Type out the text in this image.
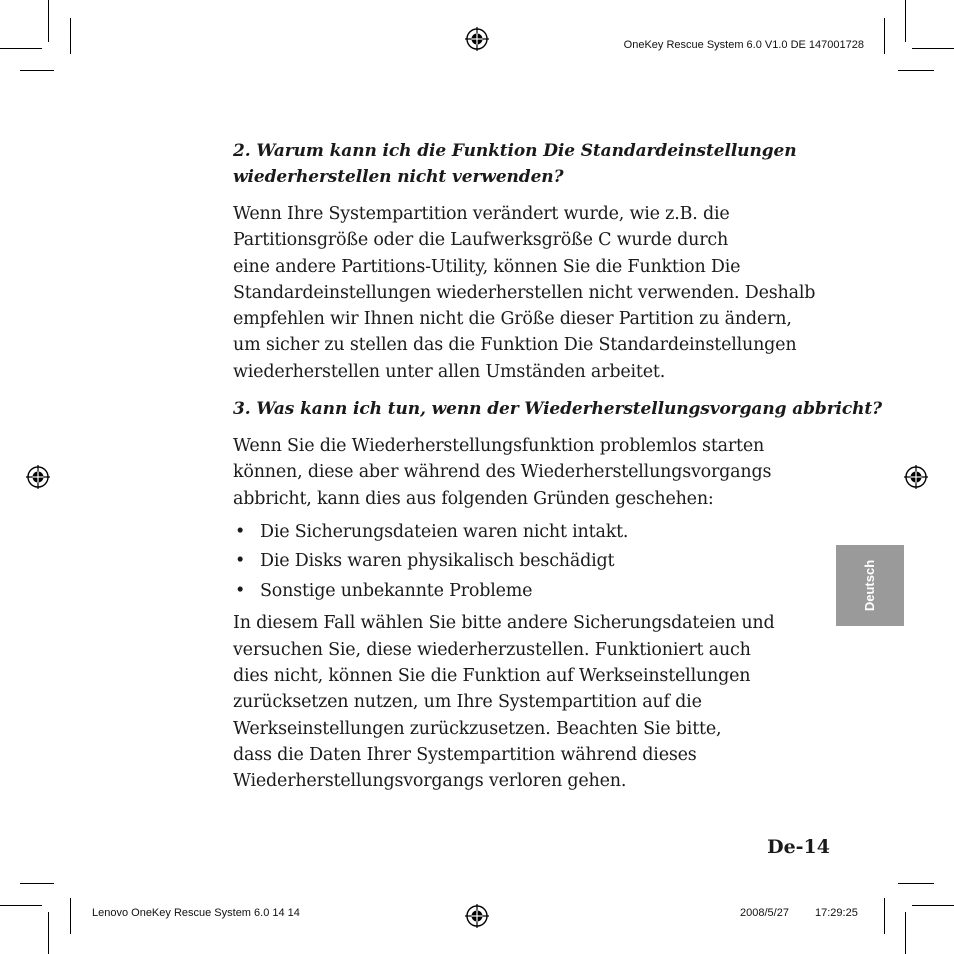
OneKey Rescue System 6.0 V1.0 DE 147001728
2. Warum kann ich die Funktion Die Standardeinstellungen
wiederherstellen nicht verwenden?
Wenn Ihre Systempartition verändert wurde, wie z.B. die
Partitionsgröße oder die Laufwerksgröße C wurde durch
eine andere Partitions-Utility, können Sie die Funktion Die
Standardeinstellungen wiederherstellen nicht verwenden. Deshalb
empfehlen wir Ihnen nicht die Größe dieser Partition zu ändern,
um sicher zu stellen das die Funktion Die Standardeinstellungen
wiederherstellen unter allen Umständen arbeitet.
3. Was kann ich tun, wenn der Wiederherstellungsvorgang abbricht?
Wenn Sie die Wiederherstellungsfunktion problemlos starten
können, diese aber während des Wiederherstellungsvorgangs
abbricht, kann dies aus folgenden Gründen geschehen:
• Die Sicherungsdateien waren nicht intakt.
• Die Disks waren physikalisch beschädigt
• Sonstige unbekannte Probleme
In diesem Fall wählen Sie bitte andere Sicherungsdateien und
versuchen Sie, diese wiederherzustellen. Funktioniert auch
dies nicht, können Sie die Funktion auf Werkseinstellungen
zurücksetzen nutzen, um Ihre Systempartition auf die
Werkseinstellungen zurückzusetzen. Beachten Sie bitte,
dass die Daten Ihrer Systempartition während dieses
Wiederherstellungsvorgangs verloren gehen.
Deutsch
De-14
Lenovo OneKey Rescue System 6.0 14 14	2008/5/27 17:29:25
